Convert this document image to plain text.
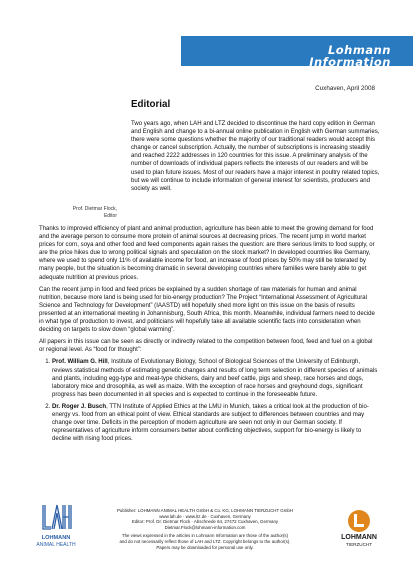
Lohmann
Information
Cuxhaven, April 2008
Editorial

Two years ago, when LAH and LTZ decided to discontinue the hard copy edition in German and English and change to a bi-annual online publication in English with German summaries, there were some questions whether the majority of our traditional readers would accept this change or cancel subscription. Actually, the number of subscriptions is increasing steadily and reached 2222 addresses in 120 countries for this issue. A preliminary analysis of the number of downloads of individual papers reflects the interests of our readers and will be used to plan future issues. Most of our readers have a major interest in poultry related topics, but we will continue to include information of general interest for scientists, producers and society as well.

Prof. Dietmar Flock,
Editor

Thanks to improved efficiency of plant and animal production, agriculture has been able to meet the growing demand for food and the average person to consume more protein of animal sources at decreasing prices. The recent jump in world market prices for corn, soya and other food and feed components again raises the question: are there serious limits to food supply, or are the price hikes due to wrong political signals and speculation on the stock market? In developed countries like Germany, where we used to spend only 11% of available income for food, an increase of food prices by 50% may still be tolerated by many people, but the situation is becoming dramatic in several developing countries where families were barely able to get adequate nutrition at previous prices.

Can the recent jump in food and feed prices be explained by a sudden shortage of raw materials for human and animal nutrition, because more land is being used for bio-energy production? The Project “International Assessment of Agricultural Science and Technology for Development” (IAASTD) will hopefully shed more light on this issue on the basis of results presented at an international meeting in Johannisburg, South Africa, this month. Meanwhile, individual farmers need to decide in what type of production to invest, and politicians will hopefully take all available scientific facts into consideration when deciding on targets to slow down “global warming”.

All papers in this issue can be seen as directly or indirectly related to the competition between food, feed and fuel on a global or regional level. As “food for thought”:

1. Prof. William G. Hill, Institute of Evolutionary Biology, School of Biological Sciences of the University of Edinburgh, reviews statistical methods of estimating genetic changes and results of long term selection in different species of animals and plants, including egg-type and meat-type chickens, dairy and beef cattle, pigs and sheep, race horses and dogs, laboratory mice and drosophila, as well as maize. With the exception of race horses and greyhound dogs, significant progress has been documented in all species and is expected to continue in the foreseeable future.
2. Dr. Roger J. Busch, TTN Institute of Applied Ethics at the LMU in Munich, takes a critical look at the production of bio-energy vs. food from an ethical point of view. Ethical standards are subject to differences between countries and may change over time. Deficits in the perception of modern agriculture are seen not only in our German society. If representatives of agriculture inform consumers better about conflicting objectives, support for bio-energy is likely to decline with rising food prices.
LOHMANN
ANIMAL HEALTH
Publisher: LOHMANN ANIMAL HEALTH GmbH & Co. KG, LOHMANN TIERZUCHT GmbH
www.lah.de · www.ltz.de · Cuxhaven, Germany
Editor: Prof. Dr. Dietmar Flock · Abschnede 64, 27472 Cuxhaven, Germany
Dietmar.Flock@lohmann-information.com
The views expressed in the articles in Lohmann Information are those of the author(s)
and do not necessarily reflect those of LAH and LTZ. Copyright belongs to the author(s).
Papers may be downloaded for personal use only.
LOHMANN
TIERZUCHT
